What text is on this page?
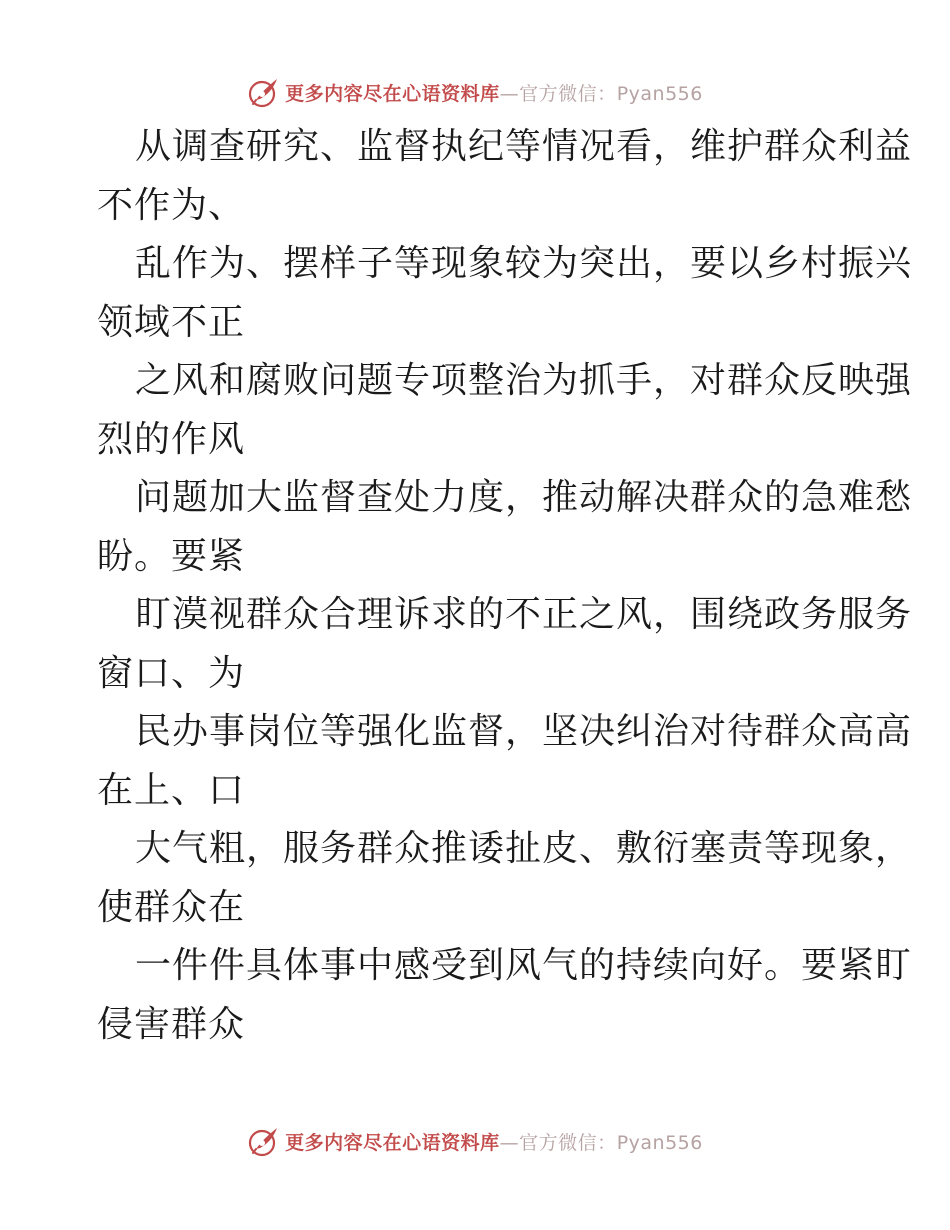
更多内容尽在心语资料库—官方微信：Pyan556
从调查研究、监督执纪等情况看，维护群众利益
不作为、
乱作为、摆样子等现象较为突出，要以乡村振兴
领域不正
之风和腐败问题专项整治为抓手，对群众反映强
烈的作风
问题加大监督查处力度，推动解决群众的急难愁
盼。要紧
盯漠视群众合理诉求的不正之风，围绕政务服务
窗口、为
民办事岗位等强化监督，坚决纠治对待群众高高
在上、口
大气粗，服务群众推诿扯皮、敷衍塞责等现象，
使群众在
一件件具体事中感受到风气的持续向好。要紧盯
侵害群众
更多内容尽在心语资料库—官方微信：Pyan556
